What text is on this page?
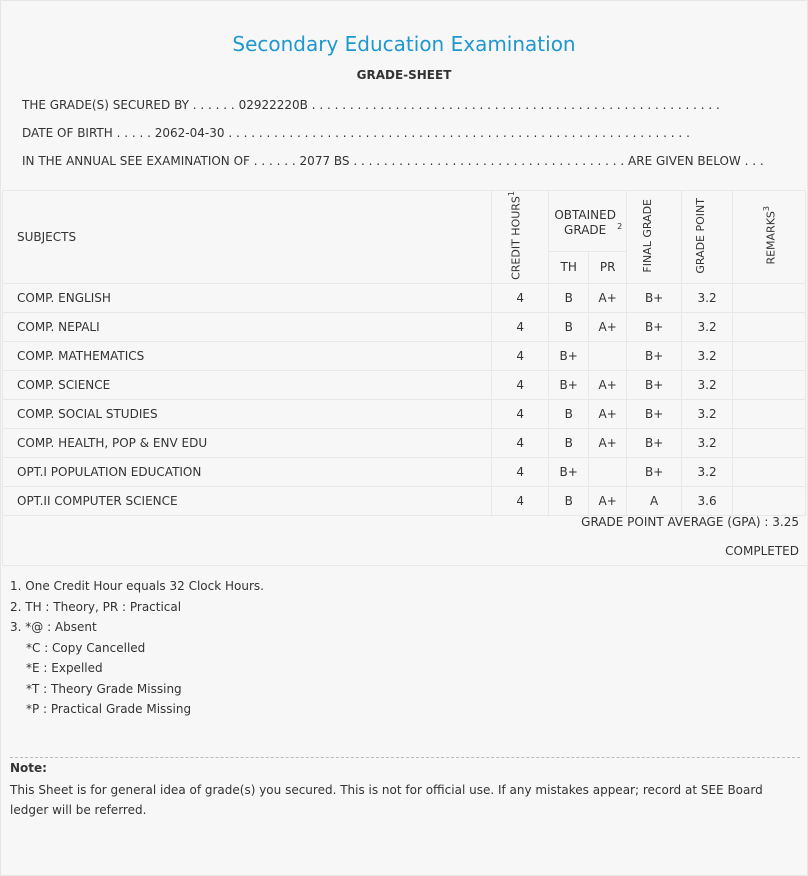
Secondary Education Examination
GRADE-SHEET
THE GRADE(S) SECURED BY . . . . . . 02922220B . . . . . . . . . . . . . . . . . . . . . . . . . . . . . . . . . . . . . . . . . . . . . . . . . . . . . .
DATE OF BIRTH . . . . . 2062-04-30 . . . . . . . . . . . . . . . . . . . . . . . . . . . . . . . . . . . . . . . . . . . . . . . . . . . . . . . . . . . . .
IN THE ANNUAL SEE EXAMINATION OF . . . . . . 2077 BS . . . . . . . . . . . . . . . . . . . . . . . . . . . . . . . . . . . . ARE GIVEN BELOW . . .
SUBJECTS	CREDIT HOURS$^1$	OBTAINED GRADE $^2$		FINAL GRADE	GRADE POINT	REMARKS$^3$
		TH	PR			
COMP. ENGLISH	4	B	A+	B+	3.2	
COMP. NEPALI	4	B	A+	B+	3.2	
COMP. MATHEMATICS	4	B+		B+	3.2	
COMP. SCIENCE	4	B+	A+	B+	3.2	
COMP. SOCIAL STUDIES	4	B	A+	B+	3.2	
COMP. HEALTH, POP & ENV EDU	4	B	A+	B+	3.2	
OPT.I POPULATION EDUCATION	4	B+		B+	3.2	
OPT.II COMPUTER SCIENCE	4	B	A+	A	3.6	
GRADE POINT AVERAGE (GPA) : 3.25
COMPLETED
1. One Credit Hour equals 32 Clock Hours.
2. TH : Theory, PR : Practical
3. *@ : Absent
*C : Copy Cancelled
*E : Expelled
*T : Theory Grade Missing
*P : Practical Grade Missing
Note:
This Sheet is for general idea of grade(s) you secured. This is not for official use. If any mistakes appear; record at SEE Board ledger will be referred.
